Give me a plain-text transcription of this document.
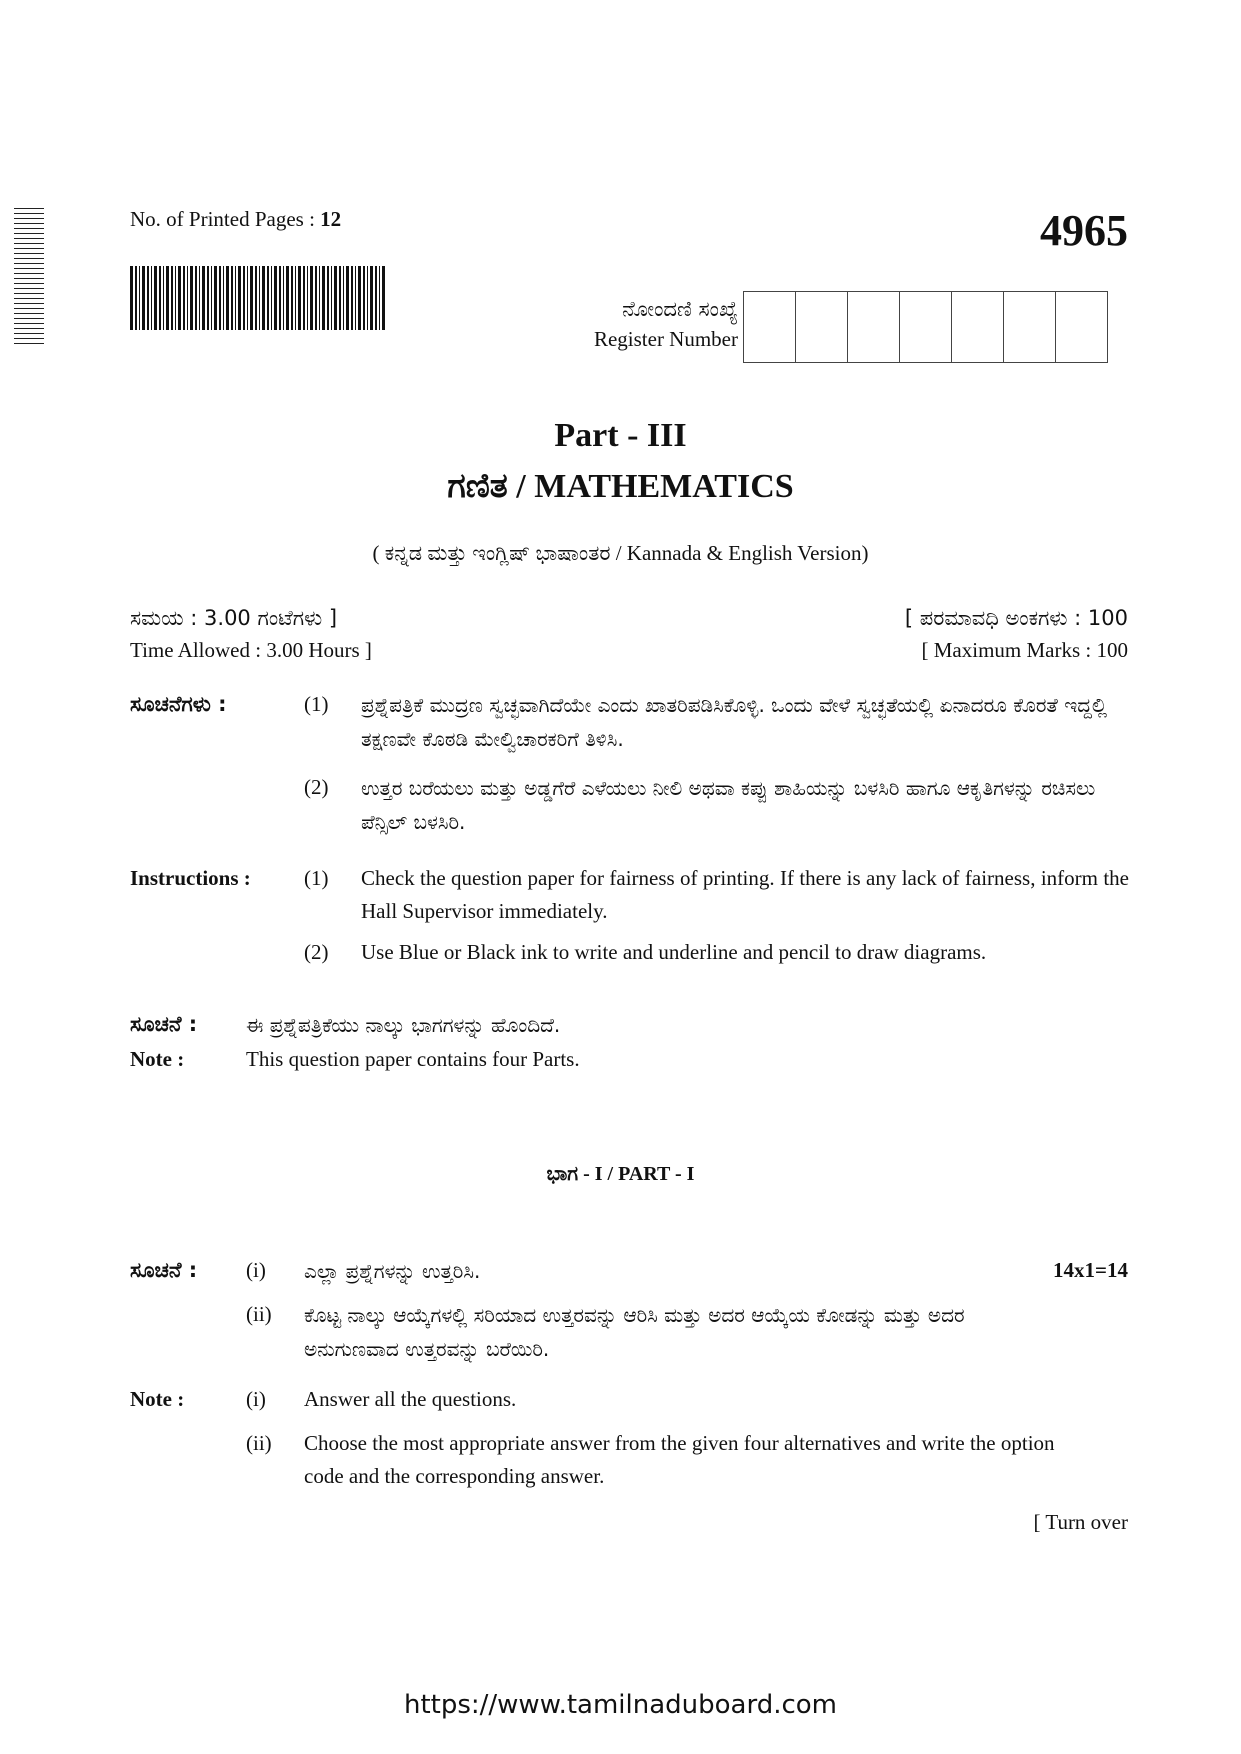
No. of Printed Pages : 12	4965
ನೋಂದಣಿ ಸಂಖ್ಯೆ
Register Number
Part - III
ಗಣಿತ / MATHEMATICS
( ಕನ್ನಡ ಮತ್ತು ಇಂಗ್ಲಿಷ್ ಭಾಷಾಂತರ / Kannada & English Version)
ಸಮಯ : 3.00 ಗಂಟೆಗಳು ]
Time Allowed : 3.00 Hours ]
[ ಪರಮಾವಧಿ ಅಂಕಗಳು : 100
[ Maximum Marks : 100
ಸೂಚನೆಗಳು :	(1) ಪ್ರಶ್ನೆಪತ್ರಿಕೆ ಮುದ್ರಣ ಸ್ವಚ್ಛವಾಗಿದೆಯೇ ಎಂದು ಖಾತರಿಪಡಿಸಿಕೊಳ್ಳಿ. ಒಂದು ವೇಳೆ ಸ್ವಚ್ಛತೆಯಲ್ಲಿ ಏನಾದರೂ ಕೊರತೆ ಇದ್ದಲ್ಲಿ ತಕ್ಷಣವೇ ಕೊಠಡಿ ಮೇಲ್ವಿಚಾರಕರಿಗೆ ತಿಳಿಸಿ.
(2) ಉತ್ತರ ಬರೆಯಲು ಮತ್ತು ಅಡ್ಡಗೆರೆ ಎಳೆಯಲು ನೀಲಿ ಅಥವಾ ಕಪ್ಪು ಶಾಹಿಯನ್ನು ಬಳಸಿರಿ ಹಾಗೂ ಆಕೃತಿಗಳನ್ನು ರಚಿಸಲು ಪೆನ್ಸಿಲ್ ಬಳಸಿರಿ.
Instructions :	(1) Check the question paper for fairness of printing. If there is any lack of fairness, inform the Hall Supervisor immediately.
(2) Use Blue or Black ink to write and underline and pencil to draw diagrams.
ಸೂಚನೆ : ಈ ಪ್ರಶ್ನೆಪತ್ರಿಕೆಯು ನಾಲ್ಕು ಭಾಗಗಳನ್ನು ಹೊಂದಿದೆ.
Note :	This question paper contains four Parts.
ಭಾಗ - I / PART - I
ಸೂಚನೆ : (i) ಎಲ್ಲಾ ಪ್ರಶ್ನೆಗಳನ್ನು ಉತ್ತರಿಸಿ.	14x1=14
(ii) ಕೊಟ್ಟ ನಾಲ್ಕು ಆಯ್ಕೆಗಳಲ್ಲಿ ಸರಿಯಾದ ಉತ್ತರವನ್ನು ಆರಿಸಿ ಮತ್ತು ಅದರ ಆಯ್ಕೆಯ ಕೋಡನ್ನು ಮತ್ತು ಅದರ ಅನುಗುಣವಾದ ಉತ್ತರವನ್ನು ಬರೆಯಿರಿ.
Note :	(i) Answer all the questions.
(ii) Choose the most appropriate answer from the given four alternatives and write the option code and the corresponding answer.
[ Turn over
https://www.tamilnaduboard.com
